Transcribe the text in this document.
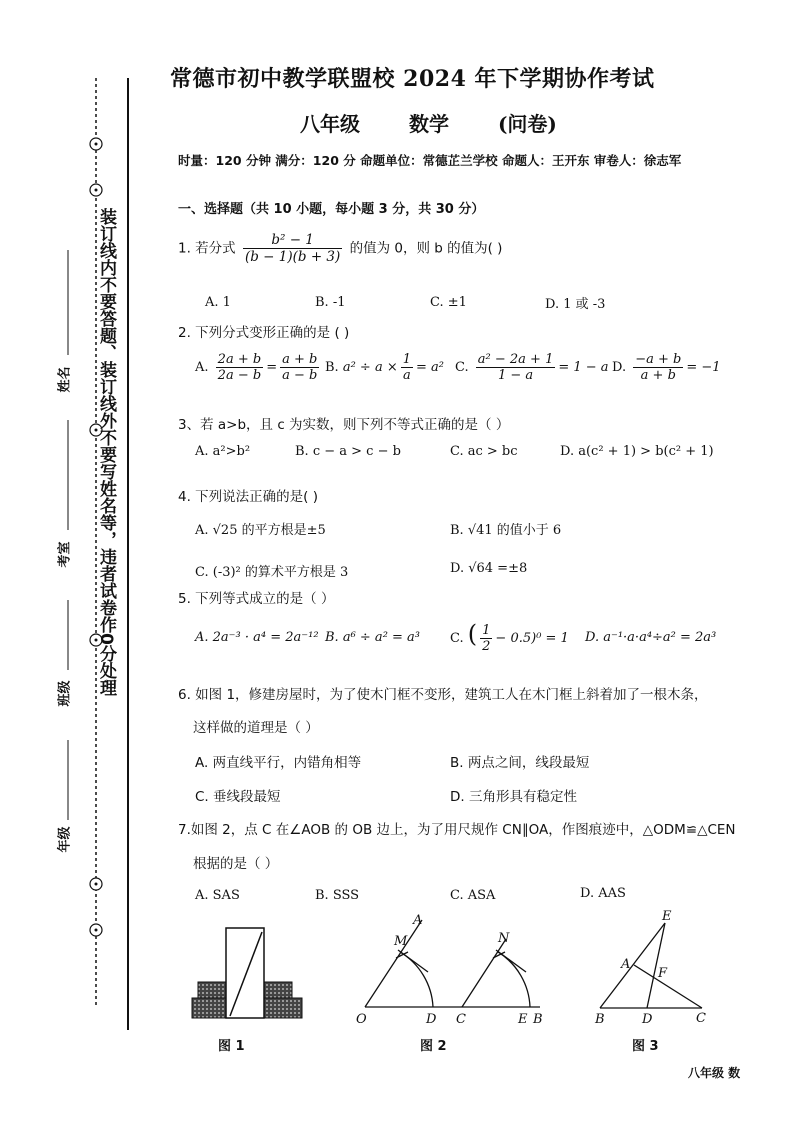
装订线内不要答题、装订线外不要写姓名等，违者试卷作0分处理
姓名
考室
班级
年级
常德市初中教学联盟校 2024 年下学期协作考试
八年级 数学 (问卷)
时量：120 分钟 满分：120 分 命题单位：常德芷兰学校 命题人：王开东 审卷人：徐志军
一、选择题（共 10 小题，每小题 3 分，共 30 分）
1. 若分式 $\frac{\text{b² − 1}}{(b - 1)(b + 3)}$ 的值为 0，则 b 的值为( )
A. 1	B. -1	C. ±1	D. 1 或 -3
2. 下列分式变形正确的是 ( )
A. $\frac{2a + b}{2a - b} = \frac{a + b}{a - b} B$. $a^2 \div a \times \frac{1}{a} = a^2$ C. $\frac{\text{a² − 2a + 1}}{1 - a} = 1 - a$ D. $\frac{-a + b}{a + b} = -1$
3、若 a>b，且 c 为实数，则下列不等式正确的是（ ）
A. a²>b²	B. c − a > c − b	C. ac > bc	D. a(c² + 1) > b(c² + 1)
4. 下列说法正确的是( )
A. √25 的平方根是±5	B. √41 的值小于 6
C. (-3)² 的算术平方根是 3	D. √64 =±8
5. 下列等式成立的是（ ）
A. 2a⁻³ · a⁴ = 2a⁻¹² B. a⁶ ÷ a² = a³ C. ( $\frac{1}{2} - 0.5)^0 = 1$ D. a⁻¹·a·a⁴÷a² = 2a³
6. 如图 1，修建房屋时，为了使木门框不变形，建筑工人在木门框上斜着加了一根木条，
这样做的道理是（ ）
A. 两直线平行，内错角相等	B. 两点之间，线段最短
C. 垂线段最短	D. 三角形具有稳定性
7.如图 2，点 C 在∠AOB 的 OB 边上，为了用尺规作 CN∥OA，作图痕迹中，△ODM≌△CEN
根据的是（ ）
A. SAS	B. SSS	C. ASA	D. AAS
图 1
A
M	N
O	D C	E B
图 2
E
A
F
B	D	C
图 3
八年级 数
